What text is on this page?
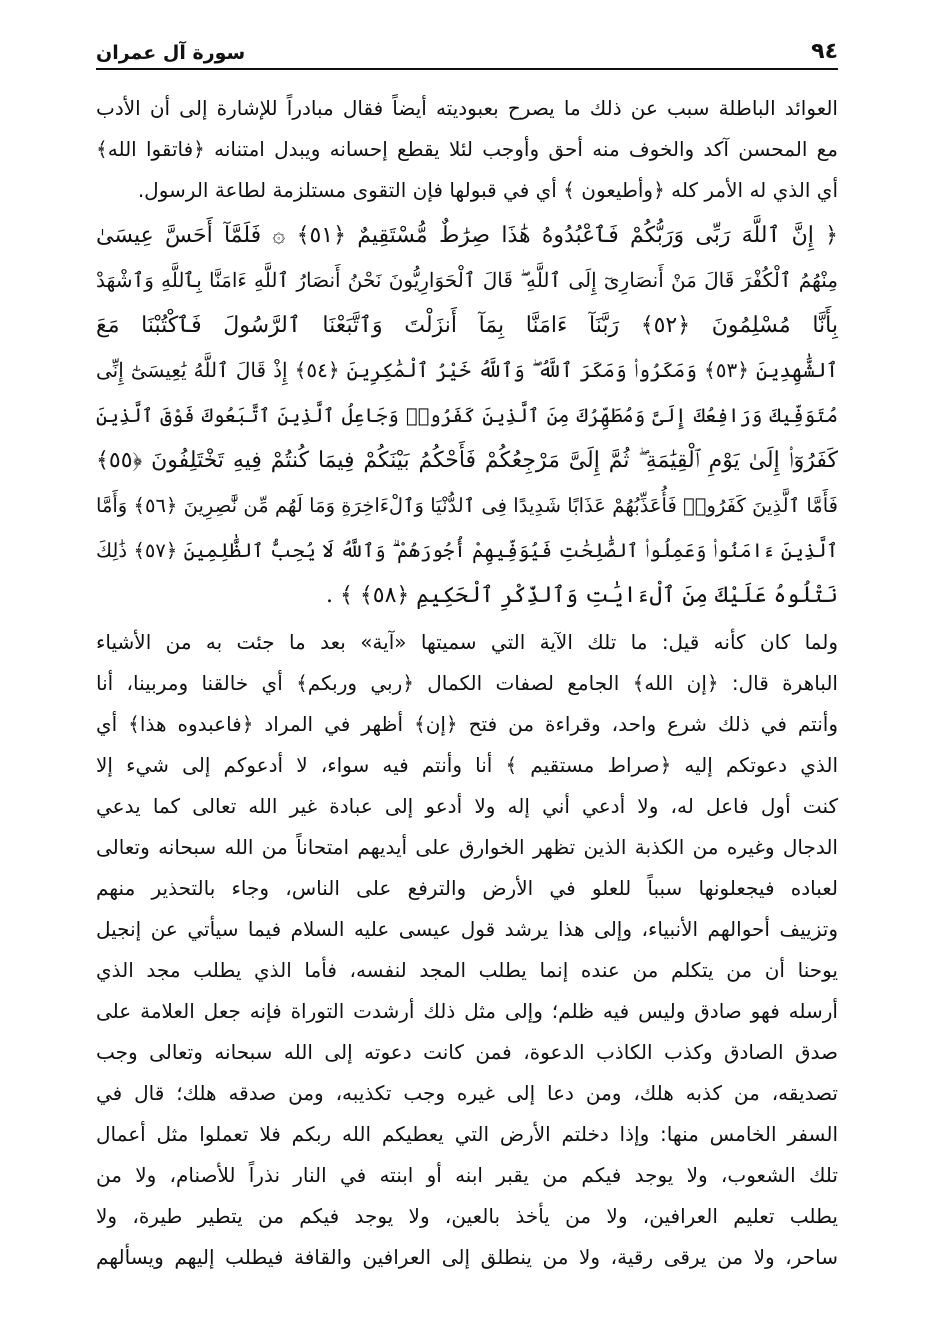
٩٤
سورة آل عمران
العوائد الباطلة سبب عن ذلك ما يصرح بعبوديته أيضاً فقال مبادراً للإشارة إلى أن الأدب
مع المحسن آكد والخوف منه أحق وأوجب لئلا يقطع إحسانه ويبدل امتنانه ﴿فاتقوا الله﴾
أي الذي له الأمر كله ﴿وأطيعون ﴾ أي في قبولها فإن التقوى مستلزمة لطاعة الرسول.
﴿ إِنَّ ٱللَّهَ رَبِّى وَرَبُّكُمْ فَٱعْبُدُوهُ هَٰذَا صِرَٰطٌ مُّسْتَقِيمٌ ﴿٥١﴾ ۞ فَلَمَّآ أَحَسَّ عِيسَىٰ
مِنْهُمُ ٱلْكُفْرَ قَالَ مَنْ أَنصَارِىٓ إِلَى ٱللَّهِ ۖ قَالَ ٱلْحَوَارِيُّونَ نَحْنُ أَنصَارُ ٱللَّهِ ءَامَنَّا بِٱللَّهِ وَٱشْهَدْ
بِأَنَّا مُسْلِمُونَ ﴿٥٢﴾ رَبَّنَآ ءَامَنَّا بِمَآ أَنزَلْتَ وَٱتَّبَعْنَا ٱلرَّسُولَ فَٱكْتُبْنَا مَعَ
ٱلشَّٰهِدِينَ ﴿٥٣﴾ وَمَكَرُوا۟ وَمَكَرَ ٱللَّهُ ۖ وَٱللَّهُ خَيْرُ ٱلْمَٰكِرِينَ ﴿٥٤﴾ إِذْ قَالَ ٱللَّهُ يَٰعِيسَىٰٓ إِنِّى
مُتَوَفِّيكَ وَرَافِعُكَ إِلَىَّ وَمُطَهِّرُكَ مِنَ ٱلَّذِينَ كَفَرُوا۟ وَجَاعِلُ ٱلَّذِينَ ٱتَّبَعُوكَ فَوْقَ ٱلَّذِينَ
كَفَرُوٓا۟ إِلَىٰ يَوْمِ ٱلْقِيَٰمَةِ ۖ ثُمَّ إِلَىَّ مَرْجِعُكُمْ فَأَحْكُمُ بَيْنَكُمْ فِيمَا كُنتُمْ فِيهِ تَخْتَلِفُونَ ﴿٥٥﴾
فَأَمَّا ٱلَّذِينَ كَفَرُوا۟ فَأُعَذِّبُهُمْ عَذَابًا شَدِيدًا فِى ٱلدُّنْيَا وَٱلْءَاخِرَةِ وَمَا لَهُم مِّن نَّٰصِرِينَ ﴿٥٦﴾ وَأَمَّا
ٱلَّذِينَ ءَامَنُوا۟ وَعَمِلُوا۟ ٱلصَّٰلِحَٰتِ فَيُوَفِّيهِمْ أُجُورَهُمْ ۗ وَٱللَّهُ لَا يُحِبُّ ٱلظَّٰلِمِينَ ﴿٥٧﴾ ذَٰلِكَ
نَتْلُوهُ عَلَيْكَ مِنَ ٱلْءَايَٰتِ وَٱلذِّكْرِ ٱلْحَكِيمِ ﴿٥٨﴾ ﴾ .
ولما كان كأنه قيل: ما تلك الآية التي سميتها «آية» بعد ما جئت به من الأشياء
الباهرة قال: ﴿إن الله﴾ الجامع لصفات الكمال ﴿ربي وربكم﴾ أي خالقنا ومربينا، أنا
وأنتم في ذلك شرع واحد، وقراءة من فتح ﴿إن﴾ أظهر في المراد ﴿فاعبدوه هذا﴾ أي
الذي دعوتكم إليه ﴿صراط مستقيم ﴾ أنا وأنتم فيه سواء، لا أدعوكم إلى شيء إلا
كنت أول فاعل له، ولا أدعي أني إله ولا أدعو إلى عبادة غير الله تعالى كما يدعي
الدجال وغيره من الكذبة الذين تظهر الخوارق على أيديهم امتحاناً من الله سبحانه وتعالى
لعباده فيجعلونها سبباً للعلو في الأرض والترفع على الناس، وجاء بالتحذير منهم
وتزييف أحوالهم الأنبياء، وإلى هذا يرشد قول عيسى عليه السلام فيما سيأتي عن إنجيل
يوحنا أن من يتكلم من عنده إنما يطلب المجد لنفسه، فأما الذي يطلب مجد الذي
أرسله فهو صادق وليس فيه ظلم؛ وإلى مثل ذلك أرشدت التوراة فإنه جعل العلامة على
صدق الصادق وكذب الكاذب الدعوة، فمن كانت دعوته إلى الله سبحانه وتعالى وجب
تصديقه، من كذبه هلك، ومن دعا إلى غيره وجب تكذيبه، ومن صدقه هلك؛ قال في
السفر الخامس منها: وإذا دخلتم الأرض التي يعطيكم الله ربكم فلا تعملوا مثل أعمال
تلك الشعوب، ولا يوجد فيكم من يقبر ابنه أو ابنته في النار نذراً للأصنام، ولا من
يطلب تعليم العرافين، ولا من يأخذ بالعين، ولا يوجد فيكم من يتطير طيرة، ولا
ساحر، ولا من يرقى رقية، ولا من ينطلق إلى العرافين والقافة فيطلب إليهم ويسألهم
